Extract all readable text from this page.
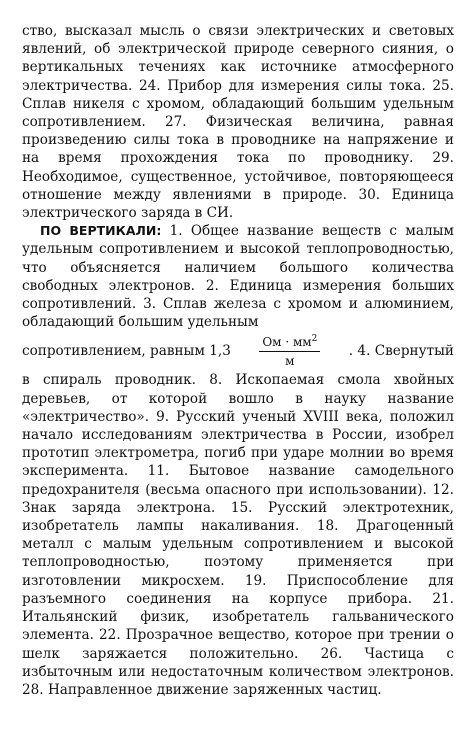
ство, высказал мысль о связи электрических и световых явлений, об электрической природе северного сияния, о вертикальных течениях как источнике атмосферного электричества. 24. Прибор для измерения силы тока. 25. Сплав никеля с хромом, обладающий большим удельным сопротивлением. 27. Физическая величина, равная произведению силы тока в проводнике на напряжение и на время прохождения тока по проводнику. 29. Необходимое, существенное, устойчивое, повторяющееся отношение между явлениями в природе. 30. Единица электрического заряда в СИ.

ПО ВЕРТИКАЛИ: 1. Общее название веществ с малым удельным сопротивлением и высокой теплопроводностью, что объясняется наличием большого количества свободных электронов. 2. Единица измерения больших сопротивлений. 3. Сплав железа с хромом и алюминием, обладающий большим удельным

сопротивлением, равным $1,3 \frac{Ом \cdot мм^2}{м}$ . 4. Свернутый

в спираль проводник. 8. Ископаемая смола хвойных деревьев, от которой вошло в науку название «электричество». 9. Русский ученый XVIII века, положил начало исследованиям электричества в России, изобрел прототип электрометра, погиб при ударе молнии во время эксперимента. 11. Бытовое название самодельного предохранителя (весьма опасного при использовании). 12. Знак заряда электрона. 15. Русский электротехник, изобретатель лампы накаливания. 18. Драгоценный металл с малым удельным сопротивлением и высокой теплопроводностью, поэтому применяется при изготовлении микросхем. 19. Приспособление для разъемного соединения на корпусе прибора. 21. Итальянский физик, изобретатель гальванического элемента. 22. Прозрачное вещество, которое при трении о шелк заряжается положительно. 26. Частица с избыточным или недостаточным количеством электронов. 28. Направленное движение заряженных частиц.
